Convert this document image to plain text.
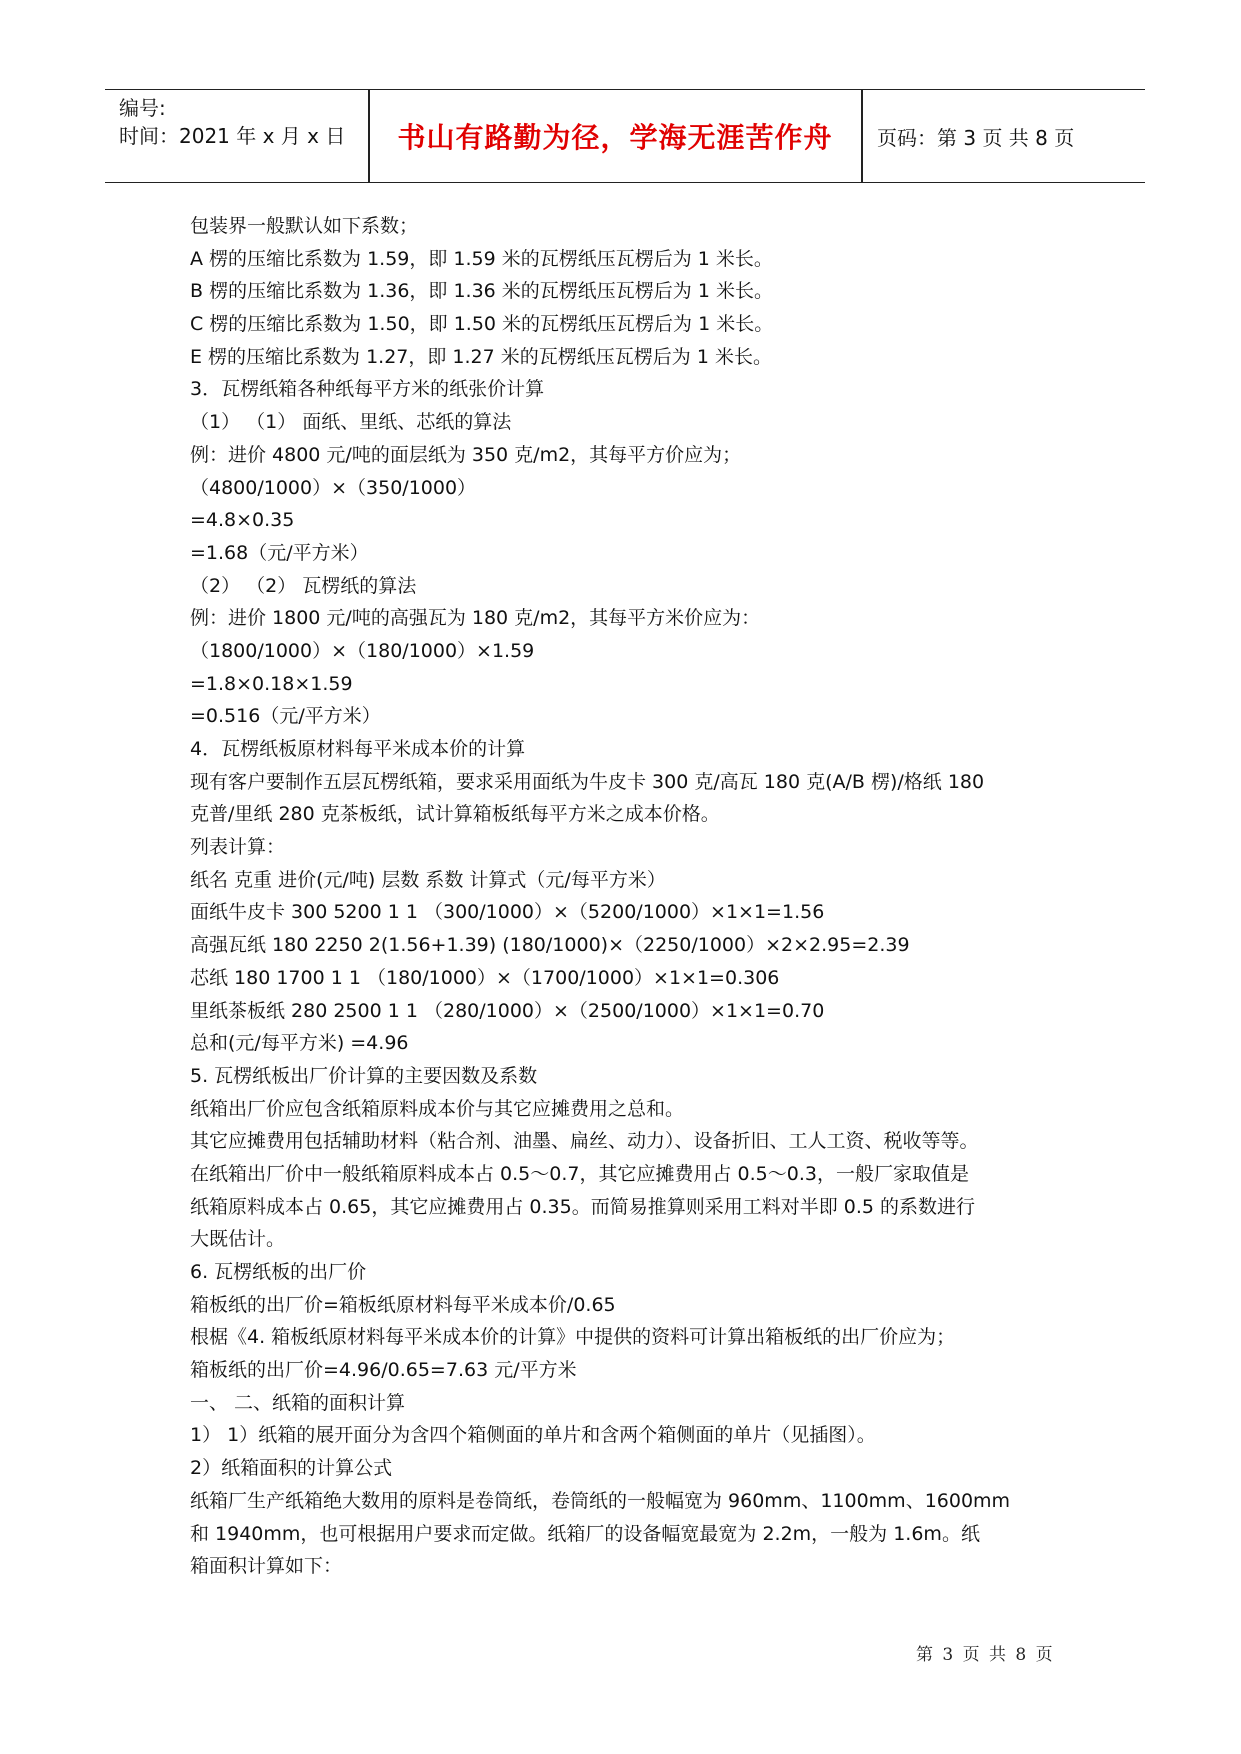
编号:
时间：2021 年 x 月 x 日	书山有路勤为径，学海无涯苦作舟	页码：第 3 页 共 8 页
包装界一般默认如下系数；
A 楞的压缩比系数为 1.59，即 1.59 米的瓦楞纸压瓦楞后为 1 米长。
B 楞的压缩比系数为 1.36，即 1.36 米的瓦楞纸压瓦楞后为 1 米长。
C 楞的压缩比系数为 1.50，即 1.50 米的瓦楞纸压瓦楞后为 1 米长。
E 楞的压缩比系数为 1.27，即 1.27 米的瓦楞纸压瓦楞后为 1 米长。
3．瓦楞纸箱各种纸每平方米的纸张价计算
（1） （1） 面纸、里纸、芯纸的算法
例：进价 4800 元/吨的面层纸为 350 克/m2，其每平方价应为；
（4800/1000）×（350/1000）
=4.8×0.35
=1.68（元/平方米）
（2） （2） 瓦楞纸的算法
例：进价 1800 元/吨的高强瓦为 180 克/m2，其每平方米价应为：
（1800/1000）×（180/1000）×1.59
=1.8×0.18×1.59
=0.516（元/平方米）
4．瓦楞纸板原材料每平米成本价的计算
现有客户要制作五层瓦楞纸箱，要求采用面纸为牛皮卡 300 克/高瓦 180 克(A/B 楞)/格纸 180
克普/里纸 280 克茶板纸，试计算箱板纸每平方米之成本价格。
列表计算：
纸名 克重 进价(元/吨) 层数 系数 计算式（元/每平方米）
面纸牛皮卡 300 5200 1 1 （300/1000）×（5200/1000）×1×1=1.56
高强瓦纸 180 2250 2(1.56+1.39) (180/1000)×（2250/1000）×2×2.95=2.39
芯纸 180 1700 1 1 （180/1000）×（1700/1000）×1×1=0.306
里纸茶板纸 280 2500 1 1 （280/1000）×（2500/1000）×1×1=0.70
总和(元/每平方米) =4.96
5. 瓦楞纸板出厂价计算的主要因数及系数
纸箱出厂价应包含纸箱原料成本价与其它应摊费用之总和。
其它应摊费用包括辅助材料（粘合剂、油墨、扁丝、动力）、设备折旧、工人工资、税收等等。
在纸箱出厂价中一般纸箱原料成本占 0.5～0.7，其它应摊费用占 0.5～0.3，一般厂家取值是
纸箱原料成本占 0.65，其它应摊费用占 0.35。而简易推算则采用工料对半即 0.5 的系数进行
大既估计。
6. 瓦楞纸板的出厂价
箱板纸的出厂价=箱板纸原材料每平米成本价/0.65
根椐《4. 箱板纸原材料每平米成本价的计算》中提供的资料可计算出箱板纸的出厂价应为；
箱板纸的出厂价=4.96/0.65=7.63 元/平方米
一、 二、纸箱的面积计算
1） 1）纸箱的展开面分为含四个箱侧面的单片和含两个箱侧面的单片（见插图）。
2）纸箱面积的计算公式
纸箱厂生产纸箱绝大数用的原料是卷筒纸，卷筒纸的一般幅宽为 960mm、1100mm、1600mm
和 1940mm，也可根据用户要求而定做。纸箱厂的设备幅宽最宽为 2.2m，一般为 1.6m。纸
箱面积计算如下：
第 3 页 共 8 页
